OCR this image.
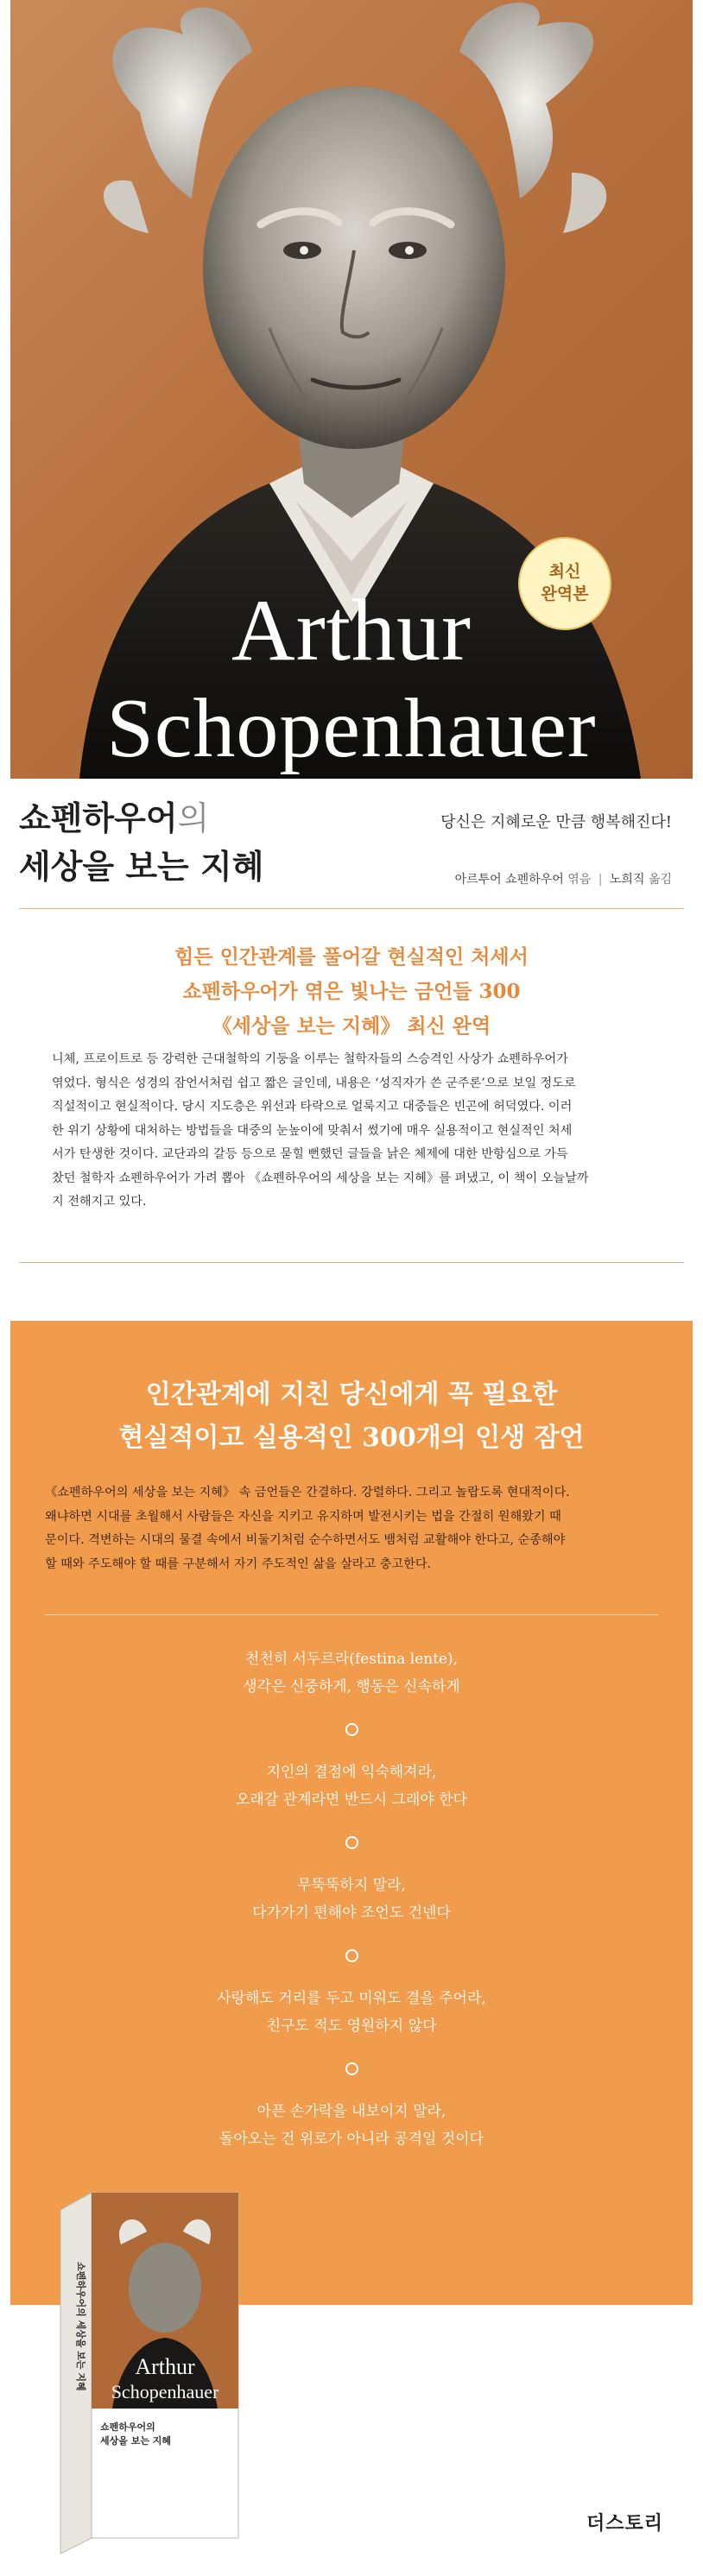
최신
완역본
Arthur
Schopenhauer
쇼펜하우어의
세상을 보는 지혜
당신은 지혜로운 만큼 행복해진다!
아르투어 쇼펜하우어 엮음 | 노희직 옮김
힘든 인간관계를 풀어갈 현실적인 처세서
쇼펜하우어가 엮은 빛나는 금언들 300
《세상을 보는 지혜》 최신 완역
니체, 프로이트로 등 강력한 근대철학의 기둥을 이루는 철학자들의 스승격인 사상가 쇼펜하우어가
엮었다. 형식은 성경의 잠언서처럼 쉽고 짧은 글인데, 내용은 ‘성직자가 쓴 군주론’으로 보일 정도로
직설적이고 현실적이다. 당시 지도층은 위선과 타락으로 얼룩지고 대중들은 빈곤에 허덕였다. 이러
한 위기 상황에 대처하는 방법들을 대중의 눈높이에 맞춰서 썼기에 매우 실용적이고 현실적인 처세
서가 탄생한 것이다. 교단과의 갈등 등으로 묻힐 뻔했던 글들을 낡은 체제에 대한 반항심으로 가득
찼던 철학자 쇼펜하우어가 가려 뽑아 《쇼펜하우어의 세상을 보는 지혜》를 펴냈고, 이 책이 오늘날까
지 전해지고 있다.
인간관계에 지친 당신에게 꼭 필요한
현실적이고 실용적인 300개의 인생 잠언
《쇼펜하우어의 세상을 보는 지혜》 속 금언들은 간결하다. 강렬하다. 그리고 놀랍도록 현대적이다.
왜냐하면 시대를 초월해서 사람들은 자신을 지키고 유지하며 발전시키는 법을 간절히 원해왔기 때
문이다. 격변하는 시대의 물결 속에서 비둘기처럼 순수하면서도 뱀처럼 교활해야 한다고, 순종해야
할 때와 주도해야 할 때를 구분해서 자기 주도적인 삶을 살라고 충고한다.
천천히 서두르라(festina lente),
생각은 신중하게, 행동은 신속하게
지인의 결점에 익숙해져라,
오래갈 관계라면 반드시 그래야 한다
무뚝뚝하지 말라,
다가가기 편해야 조언도 건넨다
사랑해도 거리를 두고 미워도 결을 주어라,
친구도 적도 영원하지 않다
아픈 손가락을 내보이지 말라,
돌아오는 건 위로가 아니라 공격일 것이다
쇼펜하우어의 세상을 보는 지혜 Arthur
Schopenhauer
쇼펜하우어의
세상을 보는 지혜
더스토리
